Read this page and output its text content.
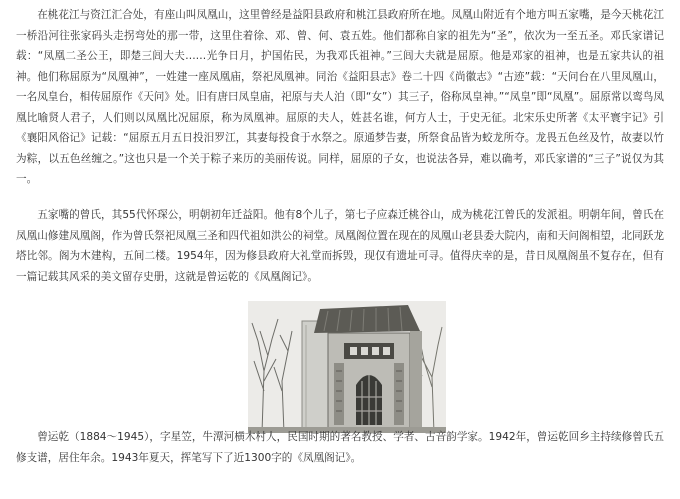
在桃花江与资江汇合处，有座山叫凤凰山，这里曾经是益阳县政府和桃江县政府所在地。凤凰山附近有个地方叫五家嘴，是今天桃花江一桥沿河往张家码头走拐弯处的那一带，这里住着徐、邓、曾、何、袁五姓。他们都称自家的祖先为“圣”，依次为一至五圣。邓氏家谱记载：“凤凰二圣公王，即楚三闾大夫……光争日月，护国佑民，为我邓氏祖神。”三闾大夫就是屈原。他是邓家的祖神，也是五家共认的祖神。他们称屈原为“凤凰神”，一姓建一座凤凰庙，祭祀凤凰神。同治《益阳县志》卷二十四《尚徽志》“古迹”载：“天问台在八里凤凰山，一名凤皇台，相传屈原作《天问》处。旧有唐曰凤皇庙，祀原与夫人泊（即“女”）其三子，俗称凤皇神。”“凤皇”即“凤凰”。屈原常以鸾鸟凤凰比喻贤人君子，人们则以凤凰比况屈原，称为凤凰神。屈原的夫人，姓甚名谁，何方人士，于史无征。北宋乐史所著《太平寰宇记》引《襄阳风俗记》记载：“屈原五月五日投汨罗江，其妻每投食于水祭之。原通梦告妻，所祭食品皆为蛟龙所夺。龙畏五色丝及竹，故妻以竹为粽，以五色丝缠之。”这也只是一个关于粽子来历的美丽传说。同样，屈原的子女，也说法各异，难以确考，邓氏家谱的“三子”说仅为其一。

五家嘴的曾氏，其55代怀琛公，明朝初年迁益阳。他有8个儿子，第七子应森迁桃谷山，成为桃花江曾氏的发派祖。明朝年间，曾氏在凤凰山修建凤凰阁，作为曾氏祭祀凤凰三圣和四代祖如洪公的祠堂。凤凰阁位置在现在的凤凰山老县委大院内，南和天问阁相望，北同跃龙塔比邻。阁为木建构，五间二楼。1954年，因为修县政府大礼堂而拆毁，现仅有遗址可寻。值得庆幸的是，昔日凤凰阁虽不复存在，但有一篇记载其风采的美文留存史册，这就是曾运乾的《凤凰阁记》。

曾运乾（1884～1945），字星笠，牛潭河横木村人，民国时期的著名教授、学者、古音韵学家。1942年，曾运乾回乡主持续修曾氏五修支谱，居住年余。1943年夏天，挥笔写下了近1300字的《凤凰阁记》。
